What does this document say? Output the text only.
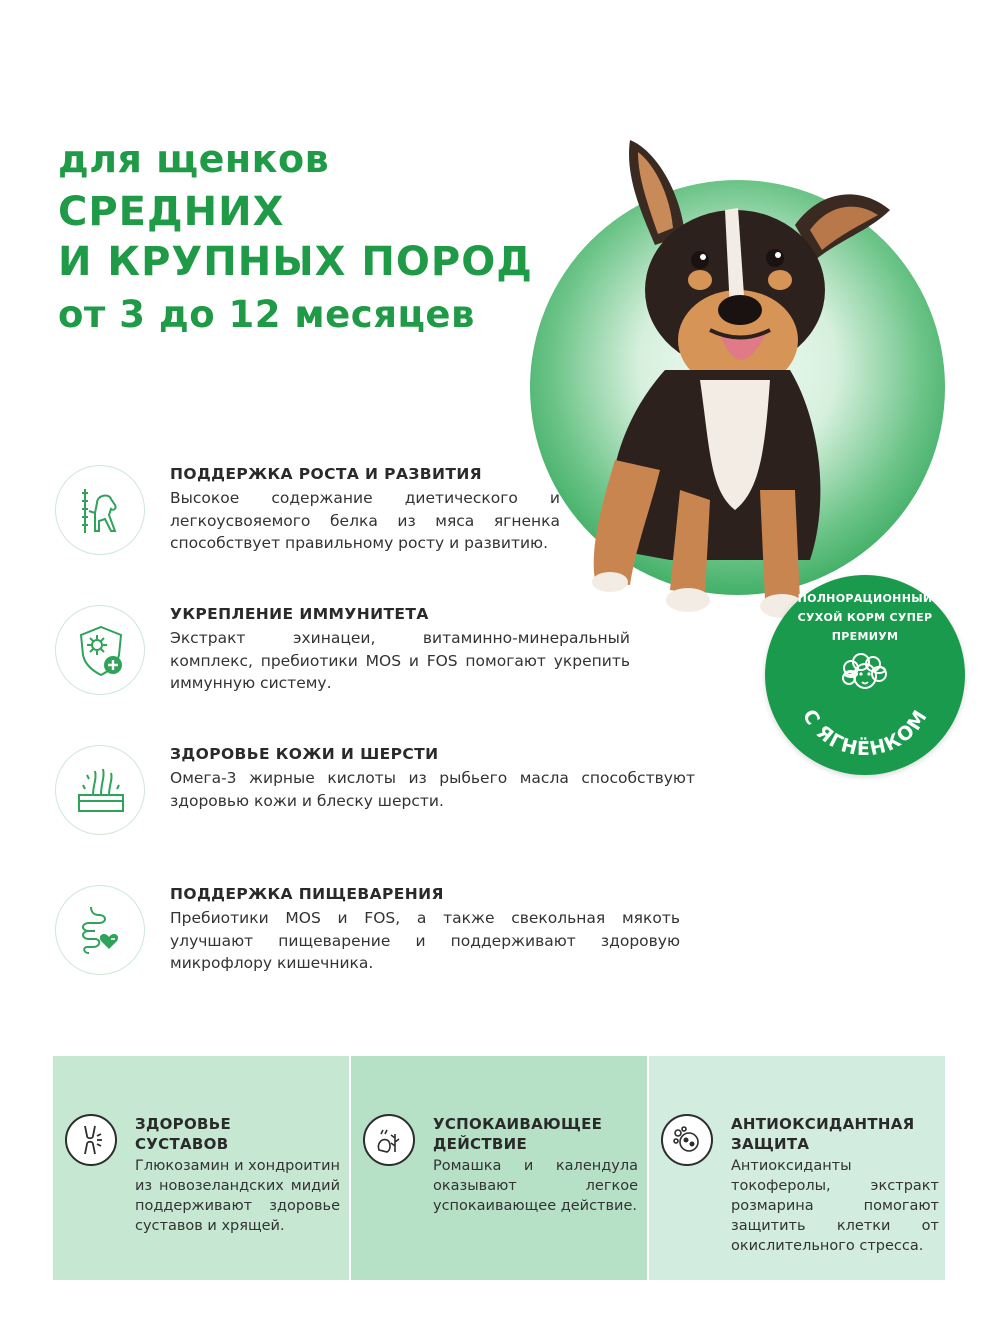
для щенков
СРЕДНИХ
И КРУПНЫХ ПОРОД
от 3 до 12 месяцев
ПОЛНОРАЦИОННЫЙ
СУХОЙ КОРМ СУПЕР
ПРЕМИУМ
С ЯГНЁНКОМ
ПОДДЕРЖКА РОСТА И РАЗВИТИЯ
Высокое содержание диетического и легкоусвояемого белка из мяса ягненка способствует правильному росту и развитию.
УКРЕПЛЕНИЕ ИММУНИТЕТА
Экстракт эхинацеи, витаминно-минеральный комплекс, пребиотики MOS и FOS помогают укрепить иммунную систему.
ЗДОРОВЬЕ КОЖИ И ШЕРСТИ
Омега-3 жирные кислоты из рыбьего масла способствуют здоровью кожи и блеску шерсти.
ПОДДЕРЖКА ПИЩЕВАРЕНИЯ
Пребиотики MOS и FOS, а также свекольная мякоть улучшают пищеварение и поддерживают здоровую микрофлору кишечника.
ЗДОРОВЬЕ
СУСТАВОВ
Глюкозамин и хондроитин из новозеландских мидий поддерживают здоровье суставов и хрящей.
УСПОКАИВАЮЩЕЕ
ДЕЙСТВИЕ
Ромашка и календула оказывают легкое успокаивающее действие.
АНТИОКСИДАНТНАЯ
ЗАЩИТА
Антиоксиданты токоферолы, экстракт розмарина помогают защитить клетки от окислительного стресса.
